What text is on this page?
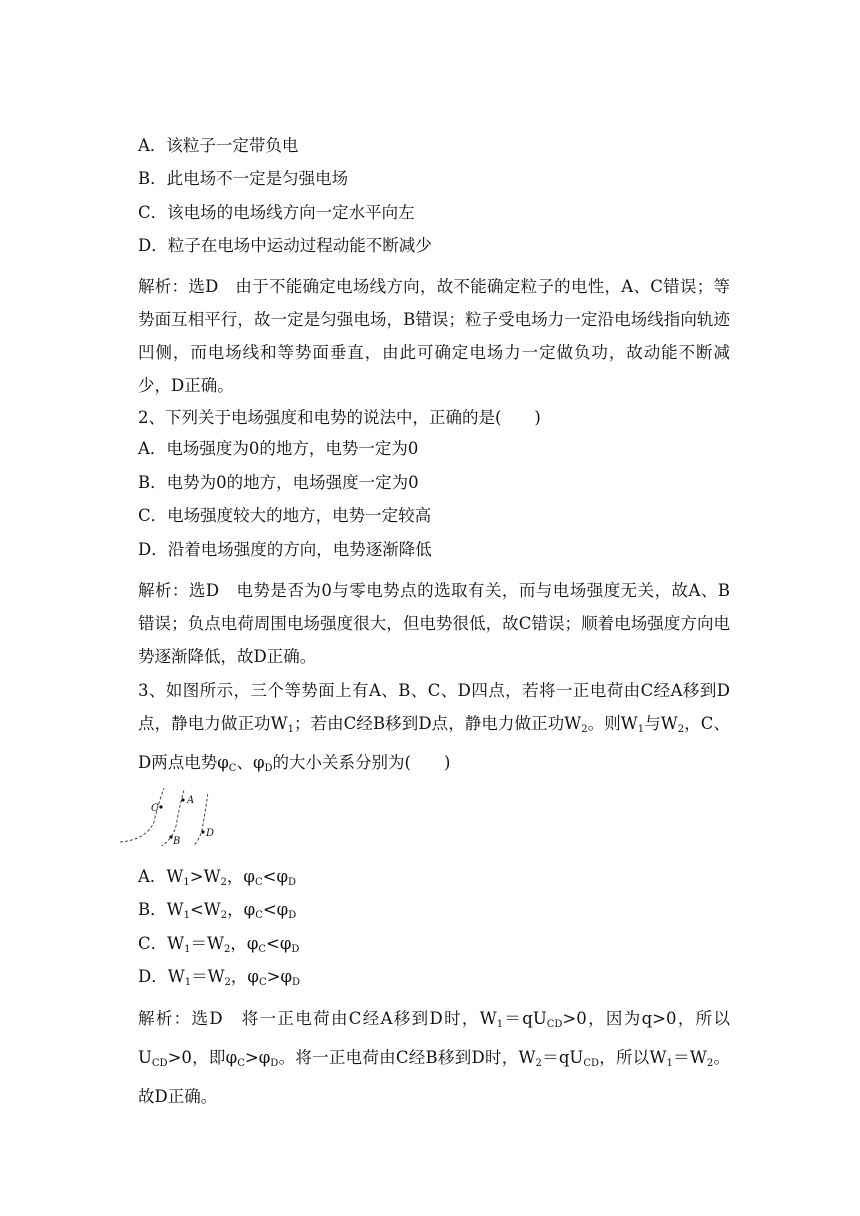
A．该粒子一定带负电
B．此电场不一定是匀强电场
C．该电场的电场线方向一定水平向左
D．粒子在电场中运动过程动能不断减少
解析：选D　由于不能确定电场线方向，故不能确定粒子的电性，A、C错误；等势面互相平行，故一定是匀强电场，B错误；粒子受电场力一定沿电场线指向轨迹凹侧，而电场线和等势面垂直，由此可确定电场力一定做负功，故动能不断减少，D正确。
2、下列关于电场强度和电势的说法中，正确的是(　　)
A．电场强度为0的地方，电势一定为0
B．电势为0的地方，电场强度一定为0
C．电场强度较大的地方，电势一定较高
D．沿着电场强度的方向，电势逐渐降低
解析：选D　电势是否为0与零电势点的选取有关，而与电场强度无关，故A、B错误；负点电荷周围电场强度很大，但电势很低，故C错误；顺着电场强度方向电势逐渐降低，故D正确。
3、如图所示，三个等势面上有A、B、C、D四点，若将一正电荷由C经A移到D点，静电力做正功$W_1$；若由C经B移到D点，静电力做正功$W_2$。则$W_1$与$W_2$，C、D两点电势$\varphi_C$、$\varphi_D$的大小关系分别为(　　)
C
A
B
D
A．$W_1>W_2$，$\varphi_C<\varphi_D$
B．$W_1<W_2$，$\varphi_C<\varphi_D$
C．$W_1=W_2$，$\varphi_C<\varphi_D$
D．$W_1=W_2$，$\varphi_C>\varphi_D$
解析：选D　将一正电荷由C经A移到D时，$W_1=qU_{CD}>0$，因为q>0，所以$U_{CD}>0$，即$\varphi_C>\varphi_D$。将一正电荷由C经B移到D时，$W_2=qU_{CD}$，所以$W_1=W_2$。故D正确。
